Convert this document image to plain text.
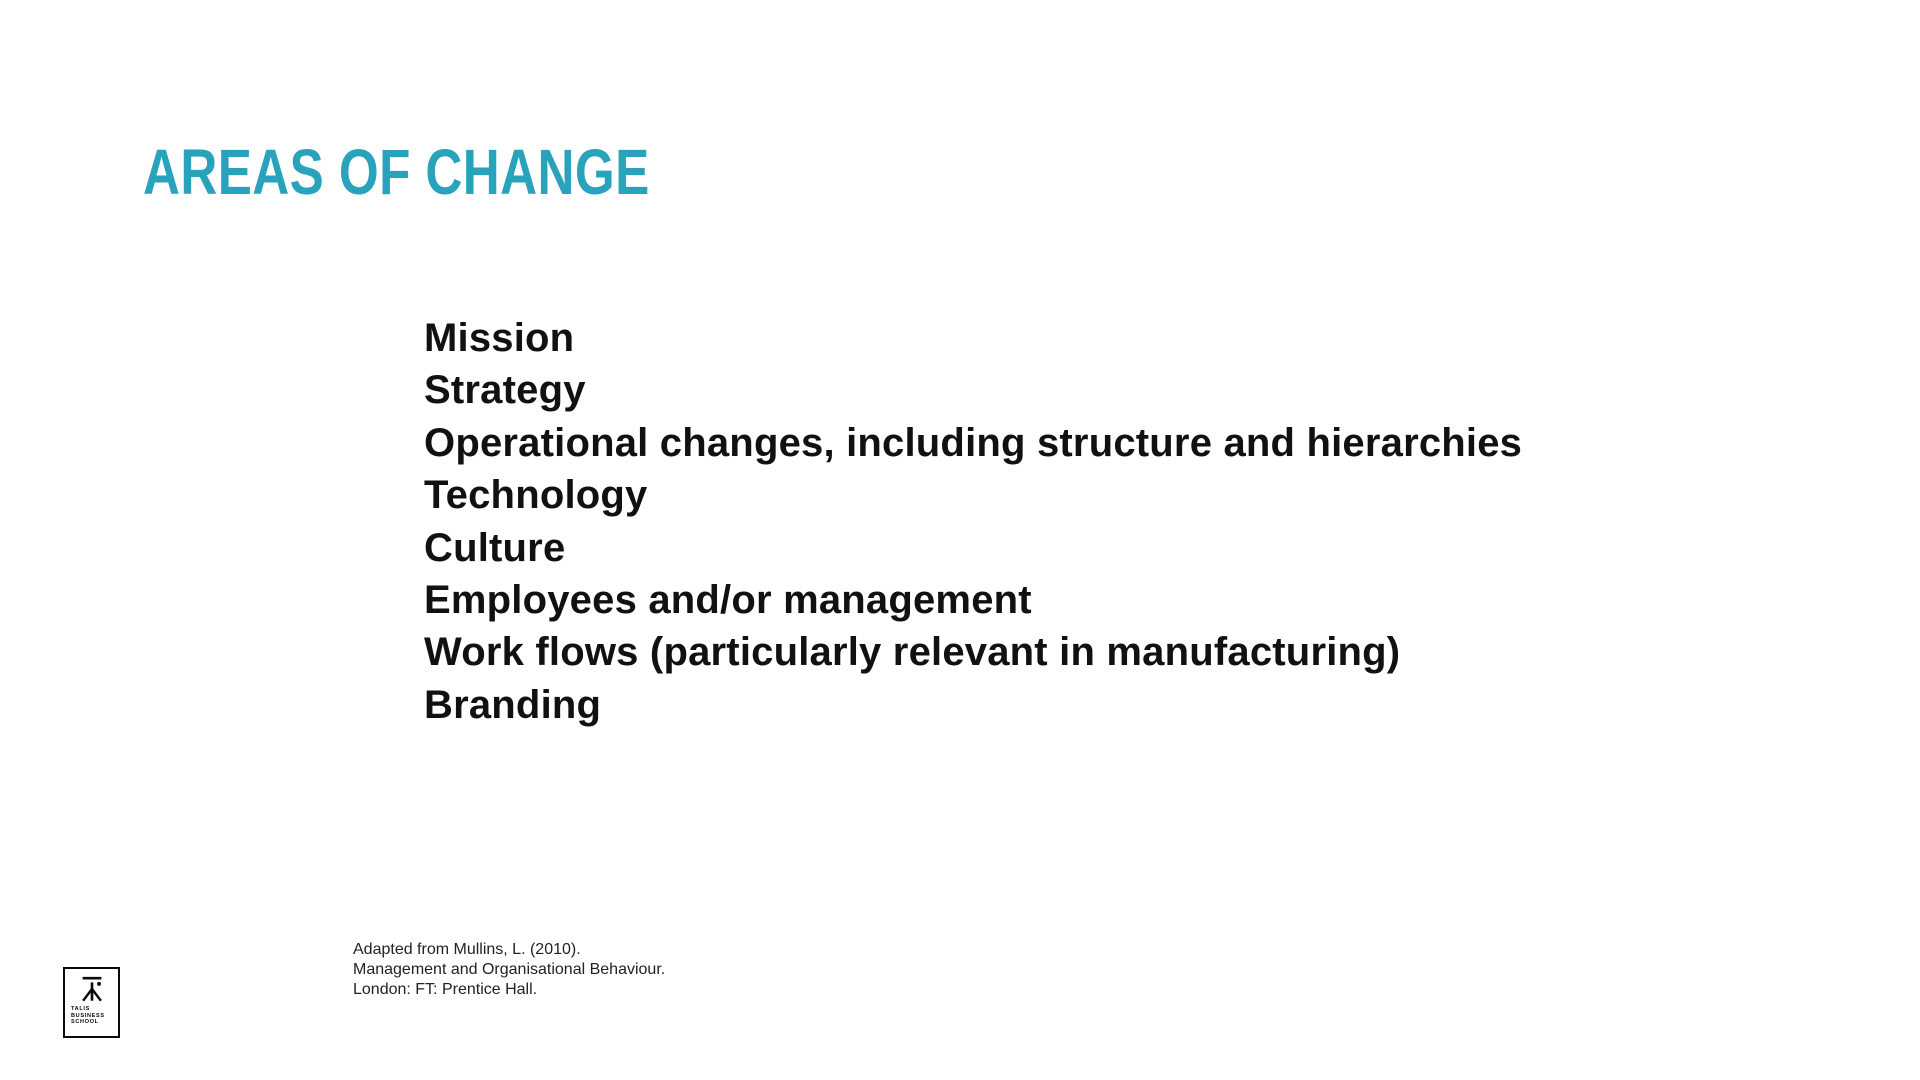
AREAS OF CHANGE
Mission
Strategy
Operational changes, including structure and hierarchies
Technology
Culture
Employees and/or management
Work flows (particularly relevant in manufacturing)
Branding
Adapted from Mullins, L. (2010).
Management and Organisational Behaviour.
London: FT: Prentice Hall.
TALIS
BUSINESS
SCHOOL
